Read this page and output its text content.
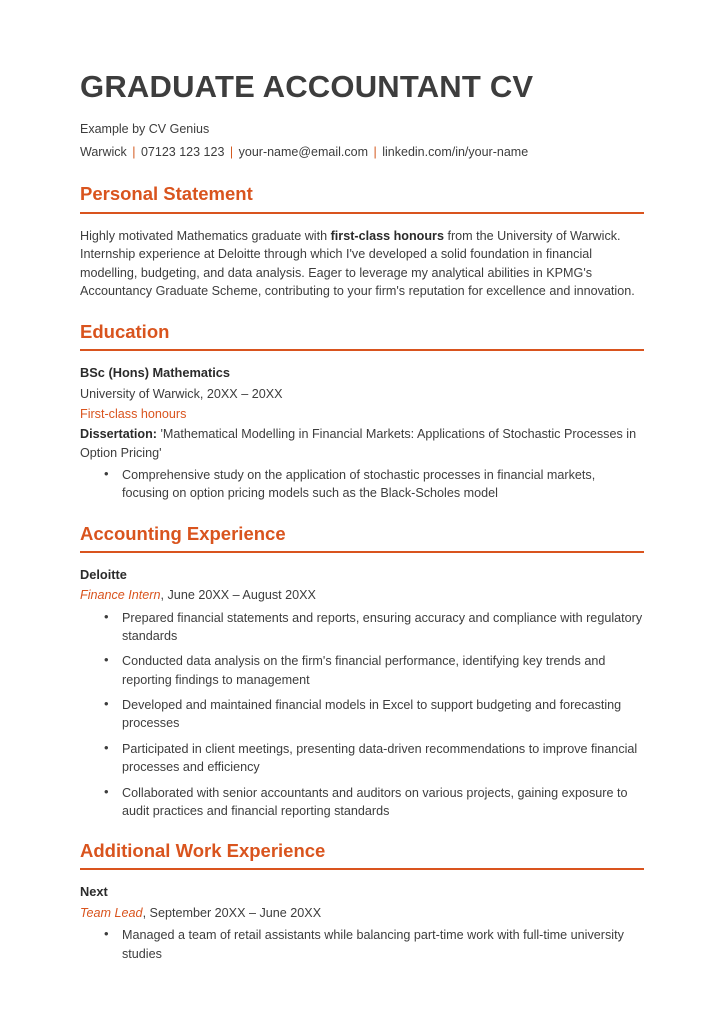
GRADUATE ACCOUNTANT CV
Example by CV Genius
Warwick | 07123 123 123 | your-name@email.com | linkedin.com/in/your-name
Personal Statement

Highly motivated Mathematics graduate with first-class honours from the University of Warwick. Internship experience at Deloitte through which I've developed a solid foundation in financial modelling, budgeting, and data analysis. Eager to leverage my analytical abilities in KPMG's Accountancy Graduate Scheme, contributing to your firm's reputation for excellence and innovation.

Education
BSc (Hons) Mathematics
University of Warwick, 20XX – 20XX
First-class honours
Dissertation: 'Mathematical Modelling in Financial Markets: Applications of Stochastic Processes in Option Pricing'
• Comprehensive study on the application of stochastic processes in financial markets, focusing on option pricing models such as the Black-Scholes model
Accounting Experience
Deloitte
Finance Intern, June 20XX – August 20XX
• Prepared financial statements and reports, ensuring accuracy and compliance with regulatory standards
• Conducted data analysis on the firm's financial performance, identifying key trends and reporting findings to management
• Developed and maintained financial models in Excel to support budgeting and forecasting processes
• Participated in client meetings, presenting data-driven recommendations to improve financial processes and efficiency
• Collaborated with senior accountants and auditors on various projects, gaining exposure to audit practices and financial reporting standards
Additional Work Experience
Next
Team Lead, September 20XX – June 20XX
• Managed a team of retail assistants while balancing part-time work with full-time university studies
